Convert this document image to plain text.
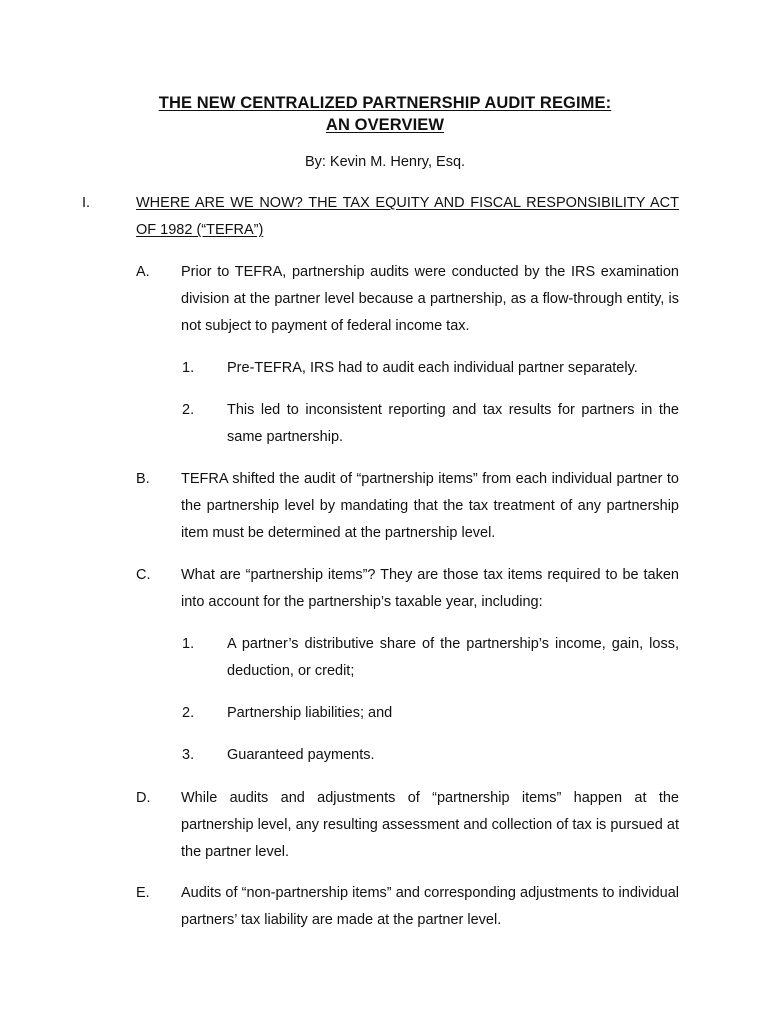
THE NEW CENTRALIZED PARTNERSHIP AUDIT REGIME:
AN OVERVIEW
By: Kevin M. Henry, Esq.
I.	WHERE ARE WE NOW? THE TAX EQUITY AND FISCAL RESPONSIBILITY ACT OF 1982 (“TEFRA”)
A. Prior to TEFRA, partnership audits were conducted by the IRS examination division at the partner level because a partnership, as a flow-through entity, is not subject to payment of federal income tax.
1. Pre-TEFRA, IRS had to audit each individual partner separately.
2. This led to inconsistent reporting and tax results for partners in the same partnership.
B. TEFRA shifted the audit of “partnership items” from each individual partner to the partnership level by mandating that the tax treatment of any partnership item must be determined at the partnership level.
C. What are “partnership items”? They are those tax items required to be taken into account for the partnership’s taxable year, including:
1. A partner’s distributive share of the partnership’s income, gain, loss, deduction, or credit;
2. Partnership liabilities; and
3. Guaranteed payments.
D. While audits and adjustments of “partnership items” happen at the partnership level, any resulting assessment and collection of tax is pursued at the partner level.
E. Audits of “non-partnership items” and corresponding adjustments to individual partners’ tax liability are made at the partner level.
